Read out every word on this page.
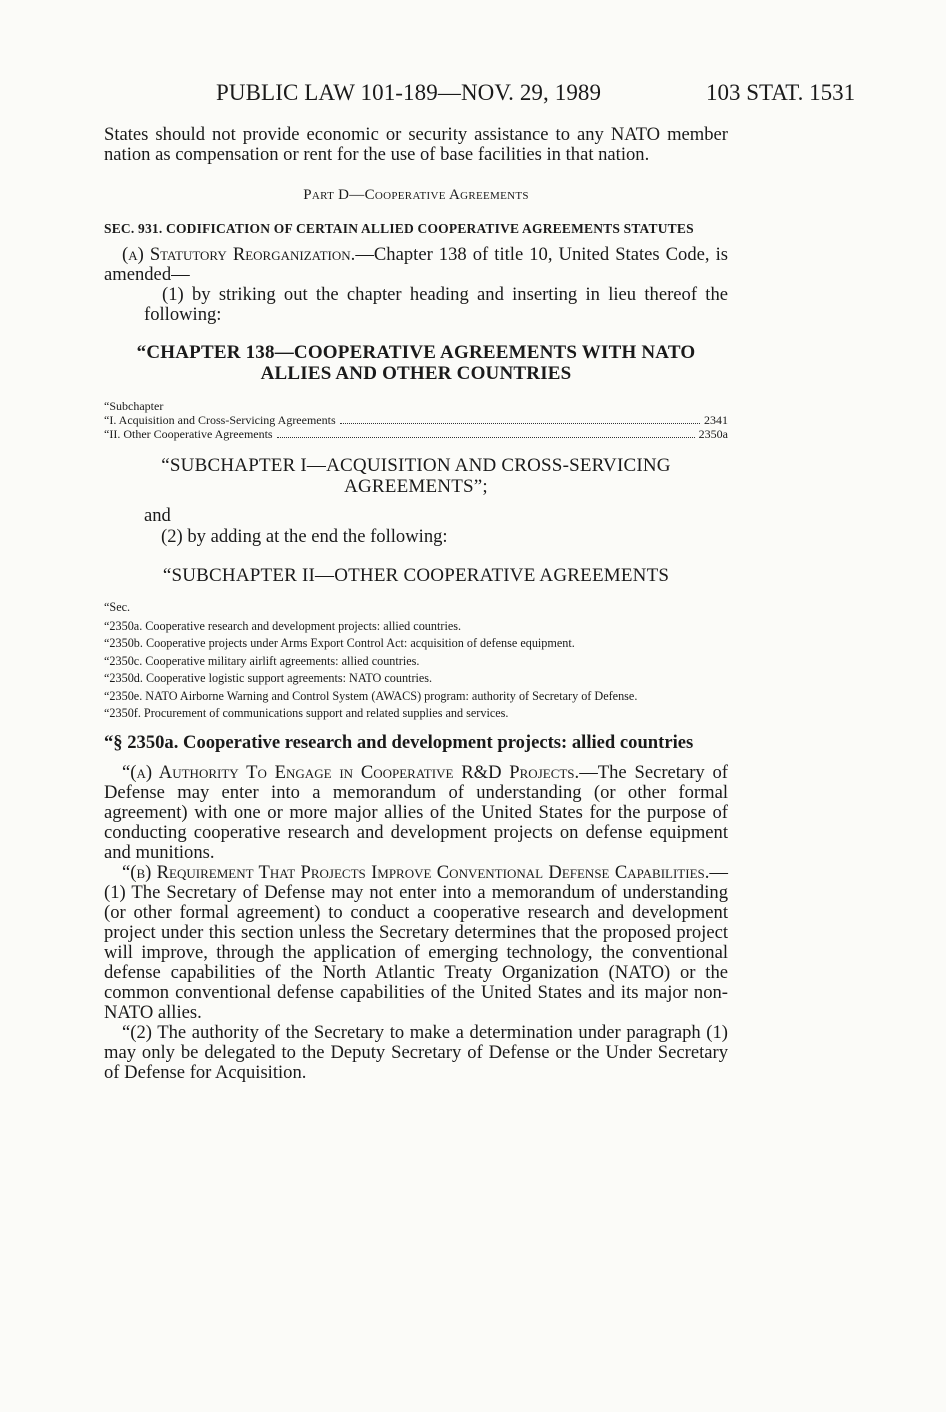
PUBLIC LAW 101-189—NOV. 29, 1989	103 STAT. 1531

States should not provide economic or security assistance to any NATO member nation as compensation or rent for the use of base facilities in that nation.

Part D—Cooperative Agreements
SEC. 931. CODIFICATION OF CERTAIN ALLIED COOPERATIVE AGREEMENTS STATUTES

(a) Statutory Reorganization.—Chapter 138 of title 10, United States Code, is amended—

(1) by striking out the chapter heading and inserting in lieu thereof the following:

“CHAPTER 138—COOPERATIVE AGREEMENTS WITH NATO ALLIES AND OTHER COUNTRIES
“Subchapter
“I. Acquisition and Cross-Servicing Agreements	2341
“II. Other Cooperative Agreements	2350a
“SUBCHAPTER I—ACQUISITION AND CROSS-SERVICING AGREEMENTS”;
and
(2) by adding at the end the following:
“SUBCHAPTER II—OTHER COOPERATIVE AGREEMENTS
“Sec.
“2350a. Cooperative research and development projects: allied countries.
“2350b. Cooperative projects under Arms Export Control Act: acquisition of defense equipment.
“2350c. Cooperative military airlift agreements: allied countries.
“2350d. Cooperative logistic support agreements: NATO countries.
“2350e. NATO Airborne Warning and Control System (AWACS) program: authority of Secretary of Defense.
“2350f. Procurement of communications support and related supplies and services.
“§ 2350a. Cooperative research and development projects: allied countries

“(a) Authority To Engage in Cooperative R&D Projects.—The Secretary of Defense may enter into a memorandum of understanding (or other formal agreement) with one or more major allies of the United States for the purpose of conducting cooperative research and development projects on defense equipment and munitions.

“(b) Requirement That Projects Improve Conventional Defense Capabilities.—(1) The Secretary of Defense may not enter into a memorandum of understanding (or other formal agreement) to conduct a cooperative research and development project under this section unless the Secretary determines that the proposed project will improve, through the application of emerging technology, the conventional defense capabilities of the North Atlantic Treaty Organization (NATO) or the common conventional defense capabilities of the United States and its major non-NATO allies.

“(2) The authority of the Secretary to make a determination under paragraph (1) may only be delegated to the Deputy Secretary of Defense or the Under Secretary of Defense for Acquisition.
